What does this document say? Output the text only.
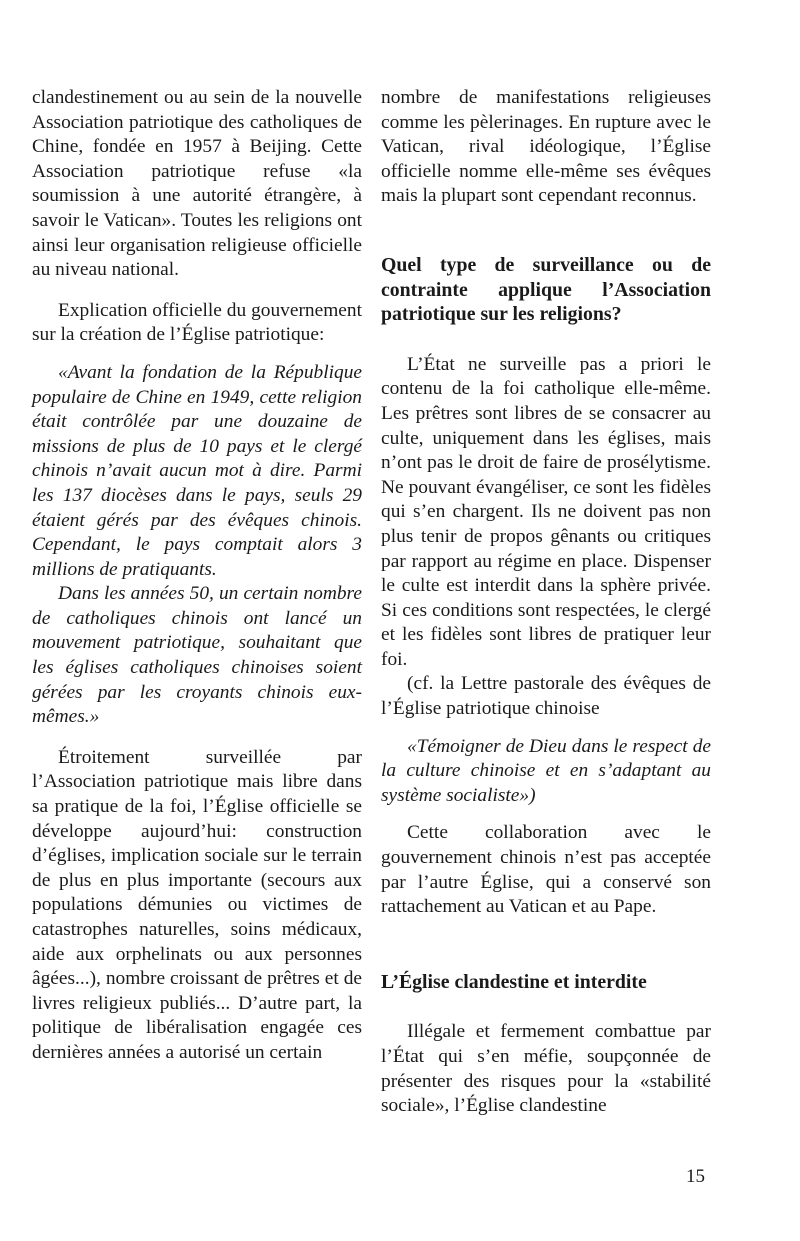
clandestinement ou au sein de la nouvelle Association patriotique des catholiques de Chine, fondée en 1957 à Beijing. Cette Association patriotique refuse «la soumission à une autorité étrangère, à savoir le Vatican». Toutes les religions ont ainsi leur organisation religieuse officielle au niveau national.

Explication officielle du gouvernement sur la création de l’Église patriotique:

«Avant la fondation de la République populaire de Chine en 1949, cette religion était contrôlée par une douzaine de missions de plus de 10 pays et le clergé chinois n’avait aucun mot à dire. Parmi les 137 diocèses dans le pays, seuls 29 étaient gérés par des évêques chinois. Cependant, le pays comptait alors 3 millions de pratiquants.

Dans les années 50, un certain nombre de catholiques chinois ont lancé un mouvement patriotique, souhaitant que les églises catholiques chinoises soient gérées par les croyants chinois eux-mêmes.»

Étroitement surveillée par l’Association patriotique mais libre dans sa pratique de la foi, l’Église officielle se développe aujourd’hui: construction d’églises, implication sociale sur le terrain de plus en plus importante (secours aux populations démunies ou victimes de catastrophes naturelles, soins médicaux, aide aux orphelinats ou aux personnes âgées...), nombre croissant de prêtres et de livres religieux publiés... D’autre part, la politique de libéralisation engagée ces dernières années a autorisé un certain

nombre de manifestations religieuses comme les pèlerinages. En rupture avec le Vatican, rival idéologique, l’Église officielle nomme elle-même ses évêques mais la plupart sont cependant reconnus.

Quel type de surveillance ou de contrainte applique l’Association patriotique sur les religions?

L’État ne surveille pas a priori le contenu de la foi catholique elle-même. Les prêtres sont libres de se consacrer au culte, uniquement dans les églises, mais n’ont pas le droit de faire de prosélytisme. Ne pouvant évangéliser, ce sont les fidèles qui s’en chargent. Ils ne doivent pas non plus tenir de propos gênants ou critiques par rapport au régime en place. Dispenser le culte est interdit dans la sphère privée. Si ces conditions sont respectées, le clergé et les fidèles sont libres de pratiquer leur foi.

(cf. la Lettre pastorale des évêques de l’Église patriotique chinoise

«Témoigner de Dieu dans le respect de la culture chinoise et en s’adaptant au système socialiste»)

Cette collaboration avec le gouvernement chinois n’est pas acceptée par l’autre Église, qui a conservé son rattachement au Vatican et au Pape.

L’Église clandestine et interdite

Illégale et fermement combattue par l’État qui s’en méfie, soupçonnée de présenter des risques pour la «stabilité sociale», l’Église clandestine

15
